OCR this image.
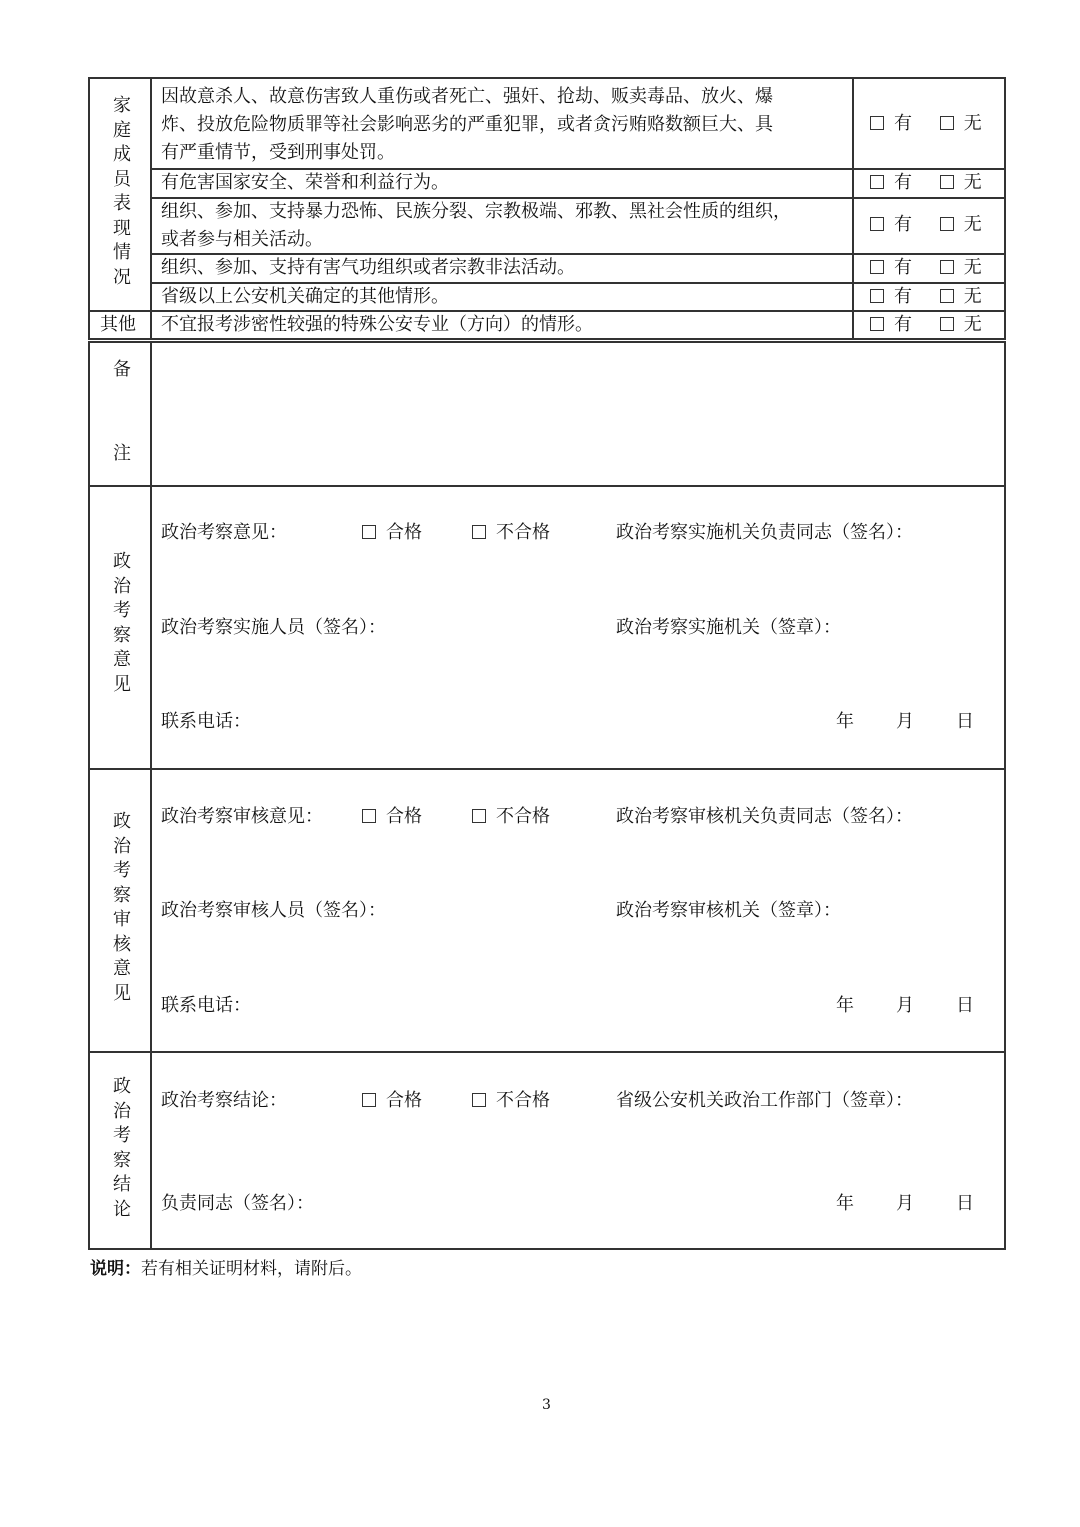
家
庭
成
员
表
现
情
况
因故意杀人、故意伤害致人重伤或者死亡、强奸、抢劫、贩卖毒品、放火、爆
炸、投放危险物质罪等社会影响恶劣的严重犯罪，或者贪污贿赂数额巨大、具
有严重情节，受到刑事处罚。
有	无
有危害国家安全、荣誉和利益行为。	有	无
组织、参加、支持暴力恐怖、民族分裂、宗教极端、邪教、黑社会性质的组织，
或者参与相关活动。
有	无
组织、参加、支持有害气功组织或者宗教非法活动。	有	无
省级以上公安机关确定的其他情形。	有	无
其他 不宜报考涉密性较强的特殊公安专业（方向）的情形。	有	无
备
注
政
治
考
察
意
见
政治考察意见：	合格	不合格	政治考察实施机关负责同志（签名）：
政治考察实施人员（签名）：	政治考察实施机关（签章）：
联系电话：	年 月 日
政
治
考
察
审
核
意
见
政治考察审核意见：	合格	不合格	政治考察审核机关负责同志（签名）：
政治考察审核人员（签名）：	政治考察审核机关（签章）：
联系电话：	年 月 日
政
治
考
察
结
论
政治考察结论：	合格	不合格	省级公安机关政治工作部门（签章）：
负责同志（签名）：	年 月 日
说明：若有相关证明材料，请附后。
3
